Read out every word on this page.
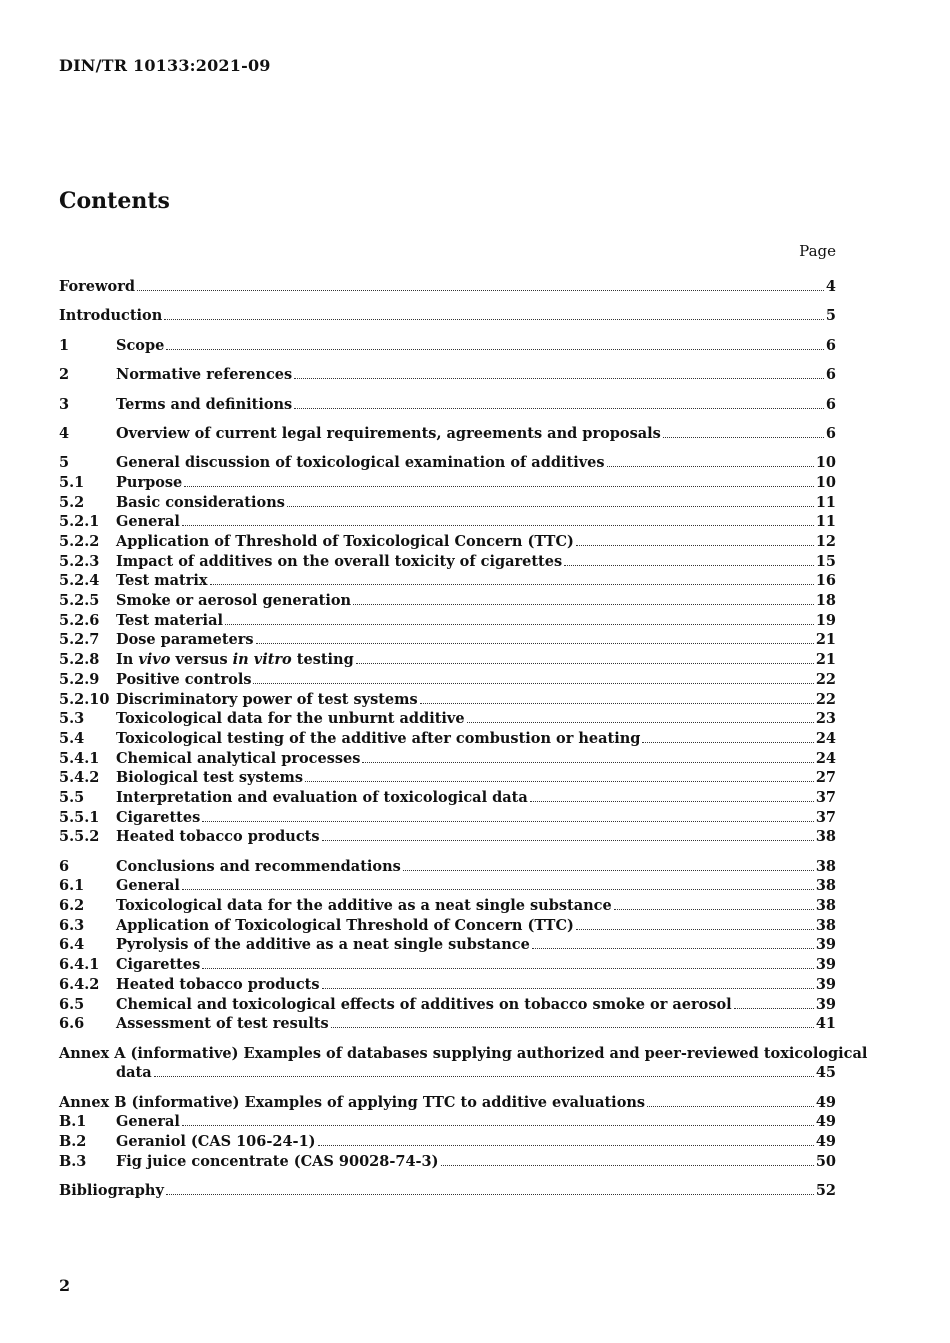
DIN/TR 10133:2021-09
Contents
Page
Foreword	4
Introduction	5
1	Scope	6
2	Normative references	6
3	Terms and definitions	6
4	Overview of current legal requirements, agreements and proposals	6
5	General discussion of toxicological examination of additives	10
5.1	Purpose	10
5.2	Basic considerations	11
5.2.1	General	11
5.2.2	Application of Threshold of Toxicological Concern (TTC)	12
5.2.3	Impact of additives on the overall toxicity of cigarettes	15
5.2.4	Test matrix	16
5.2.5	Smoke or aerosol generation	18
5.2.6	Test material	19
5.2.7	Dose parameters	21
5.2.8	In vivo versus in vitro testing	21
5.2.9	Positive controls	22
5.2.10 Discriminatory power of test systems	22
5.3	Toxicological data for the unburnt additive	23
5.4	Toxicological testing of the additive after combustion or heating	24
5.4.1	Chemical analytical processes	24
5.4.2	Biological test systems	27
5.5	Interpretation and evaluation of toxicological data	37
5.5.1	Cigarettes	37
5.5.2	Heated tobacco products	38
6	Conclusions and recommendations	38
6.1	General	38
6.2	Toxicological data for the additive as a neat single substance	38
6.3	Application of Toxicological Threshold of Concern (TTC)	38
6.4	Pyrolysis of the additive as a neat single substance	39
6.4.1	Cigarettes	39
6.4.2	Heated tobacco products	39
6.5	Chemical and toxicological effects of additives on tobacco smoke or aerosol	39
6.6	Assessment of test results	41
Annex A (informative) Examples of databases supplying authorized and peer-reviewed toxicological
data	45
Annex B (informative) Examples of applying TTC to additive evaluations	49
B.1	General	49
B.2	Geraniol (CAS 106-24-1)	49
B.3	Fig juice concentrate (CAS 90028-74-3)	50
Bibliography	52
2
